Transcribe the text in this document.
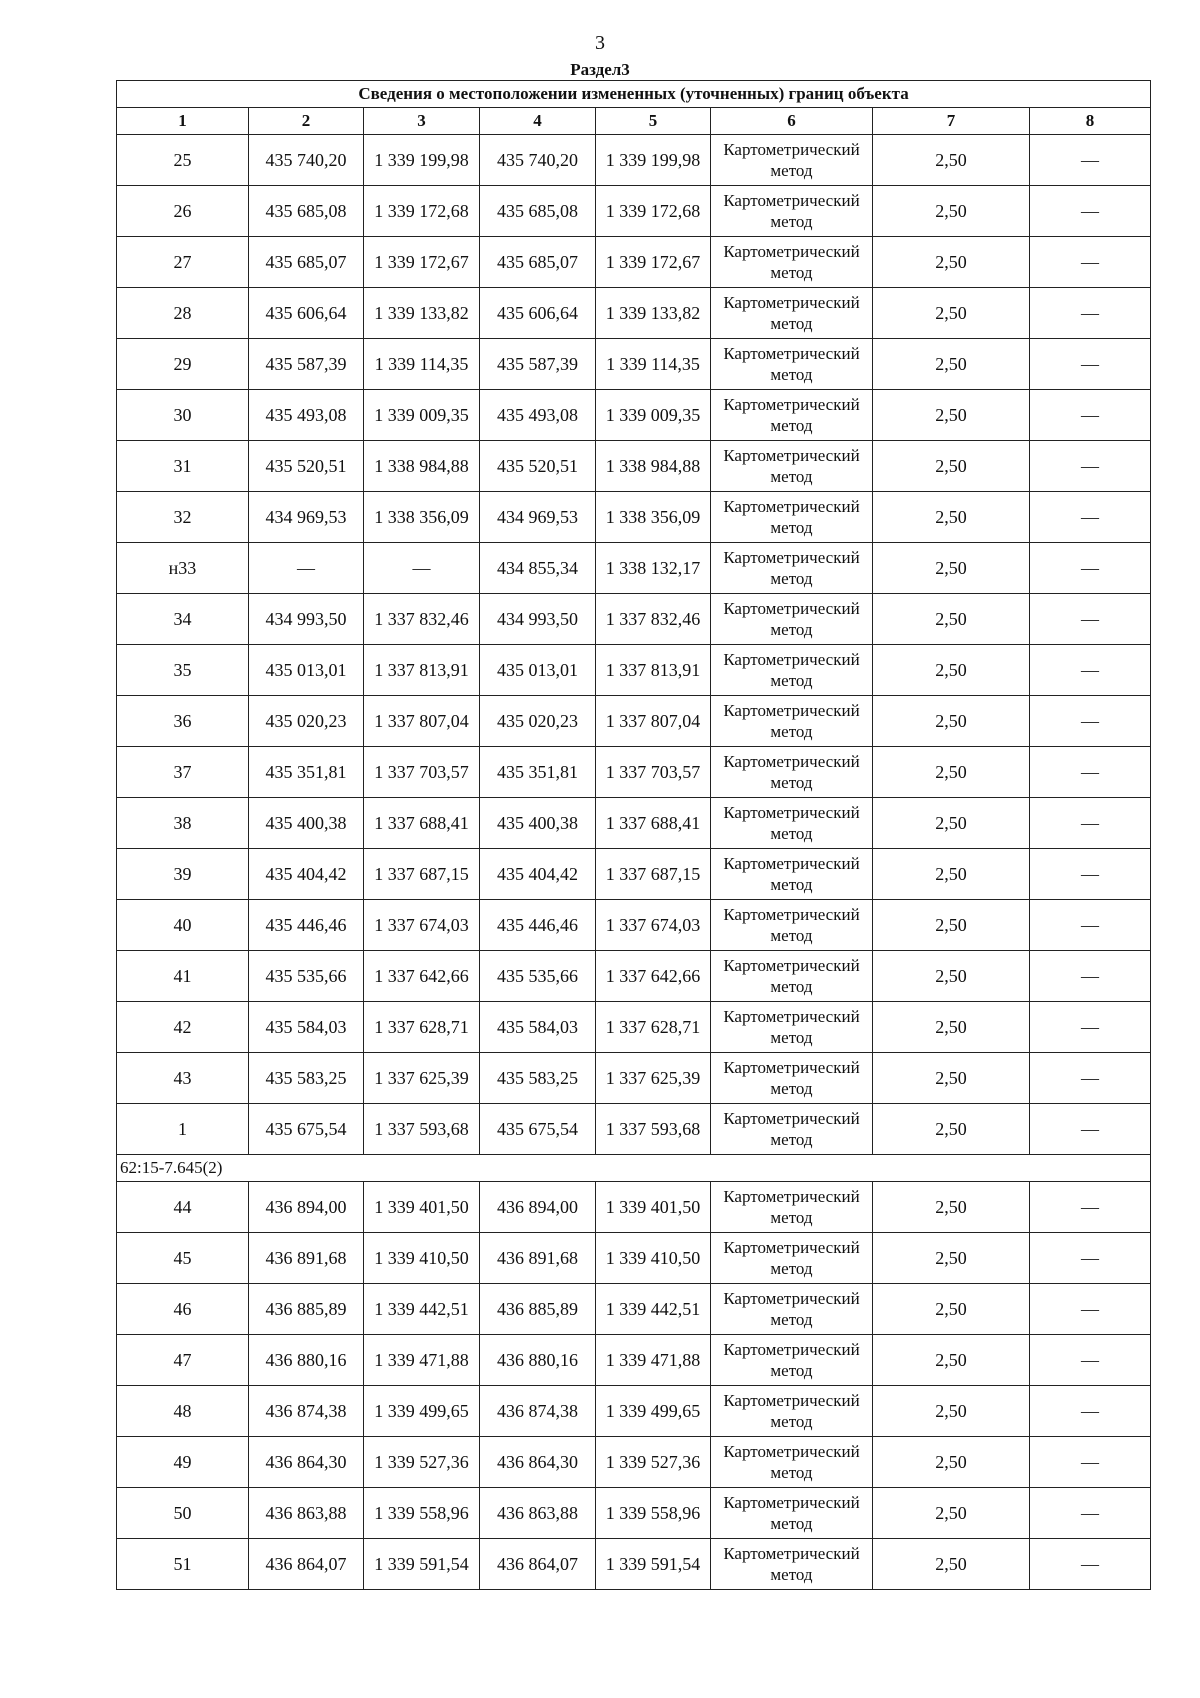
3
Раздел3
Сведения о местоположении измененных (уточненных) границ объекта							
1	2	3	4	5	6	7	8
25	435 740,20	1 339 199,98	435 740,20	1 339 199,98	Картометрический метод	2,50	—
26	435 685,08	1 339 172,68	435 685,08	1 339 172,68	Картометрический метод	2,50	—
27	435 685,07	1 339 172,67	435 685,07	1 339 172,67	Картометрический метод	2,50	—
28	435 606,64	1 339 133,82	435 606,64	1 339 133,82	Картометрический метод	2,50	—
29	435 587,39	1 339 114,35	435 587,39	1 339 114,35	Картометрический метод	2,50	—
30	435 493,08	1 339 009,35	435 493,08	1 339 009,35	Картометрический метод	2,50	—
31	435 520,51	1 338 984,88	435 520,51	1 338 984,88	Картометрический метод	2,50	—
32	434 969,53	1 338 356,09	434 969,53	1 338 356,09	Картометрический метод	2,50	—
н33	—	—	434 855,34	1 338 132,17	Картометрический метод	2,50	—
34	434 993,50	1 337 832,46	434 993,50	1 337 832,46	Картометрический метод	2,50	—
35	435 013,01	1 337 813,91	435 013,01	1 337 813,91	Картометрический метод	2,50	—
36	435 020,23	1 337 807,04	435 020,23	1 337 807,04	Картометрический метод	2,50	—
37	435 351,81	1 337 703,57	435 351,81	1 337 703,57	Картометрический метод	2,50	—
38	435 400,38	1 337 688,41	435 400,38	1 337 688,41	Картометрический метод	2,50	—
39	435 404,42	1 337 687,15	435 404,42	1 337 687,15	Картометрический метод	2,50	—
40	435 446,46	1 337 674,03	435 446,46	1 337 674,03	Картометрический метод	2,50	—
41	435 535,66	1 337 642,66	435 535,66	1 337 642,66	Картометрический метод	2,50	—
42	435 584,03	1 337 628,71	435 584,03	1 337 628,71	Картометрический метод	2,50	—
43	435 583,25	1 337 625,39	435 583,25	1 337 625,39	Картометрический метод	2,50	—
1	435 675,54	1 337 593,68	435 675,54	1 337 593,68	Картометрический метод	2,50	—
62:15-7.645(2)							
44	436 894,00	1 339 401,50	436 894,00	1 339 401,50	Картометрический метод	2,50	—
45	436 891,68	1 339 410,50	436 891,68	1 339 410,50	Картометрический метод	2,50	—
46	436 885,89	1 339 442,51	436 885,89	1 339 442,51	Картометрический метод	2,50	—
47	436 880,16	1 339 471,88	436 880,16	1 339 471,88	Картометрический метод	2,50	—
48	436 874,38	1 339 499,65	436 874,38	1 339 499,65	Картометрический метод	2,50	—
49	436 864,30	1 339 527,36	436 864,30	1 339 527,36	Картометрический метод	2,50	—
50	436 863,88	1 339 558,96	436 863,88	1 339 558,96	Картометрический метод	2,50	—
51	436 864,07	1 339 591,54	436 864,07	1 339 591,54	Картометрический метод	2,50	—
